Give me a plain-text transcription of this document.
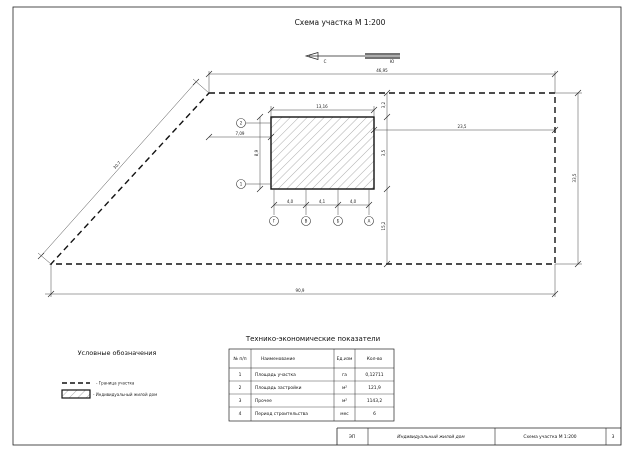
Схема участка М 1:200
С	Ю
46,95
90,9
33,5
30,7
13,16
8,9
2
1
7,09
23,5
3,2
3,5
15,2
4,0	4,1	4,0
Г	В	Б	А
Условные обозначения
- Граница участка
- Индивидуальный жилой дом
Технико-экономические показатели
№ п/п	Наименование	Ед.изм	Кол-во
1	Площадь участка	га	0,12711
2	Площадь застройки	м²	121,9
3	Прочее	м²	1143,2
4	Период строительства	мес	6
ЭП	Индивидуальный жилой дом	Схема участка М 1:200	3
